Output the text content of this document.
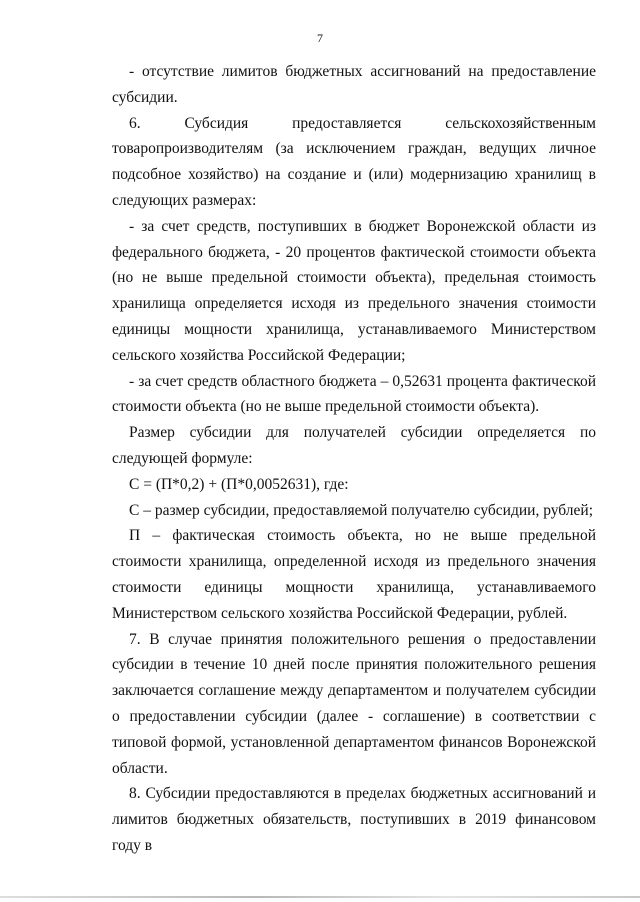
7

- отсутствие лимитов бюджетных ассигнований на предоставление субсидии.

6. Субсидия предоставляется сельскохозяйственным товаропроизводителям (за исключением граждан, ведущих личное подсобное хозяйство) на создание и (или) модернизацию хранилищ в следующих размерах:

- за счет средств, поступивших в бюджет Воронежской области из федерального бюджета, - 20 процентов фактической стоимости объекта (но не выше предельной стоимости объекта), предельная стоимость хранилища определяется исходя из предельного значения стоимости единицы мощности хранилища, устанавливаемого Министерством сельского хозяйства Российской Федерации;

- за счет средств областного бюджета – 0,52631 процента фактической стоимости объекта (но не выше предельной стоимости объекта).

Размер субсидии для получателей субсидии определяется по следующей формуле:

С = (П*0,2) + (П*0,0052631), где:

С – размер субсидии, предоставляемой получателю субсидии, рублей;

П – фактическая стоимость объекта, но не выше предельной стоимости хранилища, определенной исходя из предельного значения стоимости единицы мощности хранилища, устанавливаемого Министерством сельского хозяйства Российской Федерации, рублей.

7. В случае принятия положительного решения о предоставлении субсидии в течение 10 дней после принятия положительного решения заключается соглашение между департаментом и получателем субсидии о предоставлении субсидии (далее - соглашение) в соответствии с типовой формой, установленной департаментом финансов Воронежской области.

8. Субсидии предоставляются в пределах бюджетных ассигнований и лимитов бюджетных обязательств, поступивших в 2019 финансовом году в
